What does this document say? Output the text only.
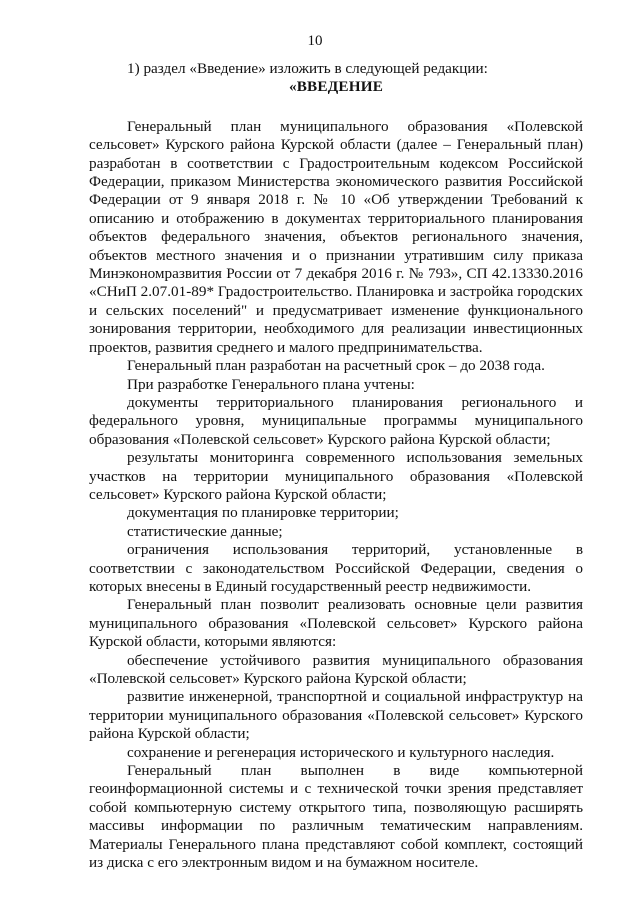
10

1) раздел «Введение» изложить в следующей редакции:

«ВВЕДЕНИЕ

Генеральный план муниципального образования «Полевской сельсовет» Курского района Курской области (далее – Генеральный план) разработан в соответствии с Градостроительным кодексом Российской Федерации, приказом Министерства экономического развития Российской Федерации от 9 января 2018 г. № 10 «Об утверждении Требований к описанию и отображению в документах территориального планирования объектов федерального значения, объектов регионального значения, объектов местного значения и о признании утратившим силу приказа Минэкономразвития России от 7 декабря 2016 г. № 793», СП 42.13330.2016 «СНиП 2.07.01-89* Градостроительство. Планировка и застройка городских и сельских поселений" и предусматривает изменение функционального зонирования территории, необходимого для реализации инвестиционных проектов, развития среднего и малого предпринимательства.

Генеральный план разработан на расчетный срок – до 2038 года.

При разработке Генерального плана учтены:

документы территориального планирования регионального и федерального уровня, муниципальные программы муниципального образования «Полевской сельсовет» Курского района Курской области;

результаты мониторинга современного использования земельных участков на территории муниципального образования «Полевской сельсовет» Курского района Курской области;

документация по планировке территории;

статистические данные;

ограничения использования территорий, установленные в соответствии с законодательством Российской Федерации, сведения о которых внесены в Единый государственный реестр недвижимости.

Генеральный план позволит реализовать основные цели развития муниципального образования «Полевской сельсовет» Курского района Курской области, которыми являются:

обеспечение устойчивого развития муниципального образования «Полевской сельсовет» Курского района Курской области;

развитие инженерной, транспортной и социальной инфраструктур на территории муниципального образования «Полевской сельсовет» Курского района Курской области;

сохранение и регенерация исторического и культурного наследия.

Генеральный план выполнен в виде компьютерной геоинформационной системы и с технической точки зрения представляет собой компьютерную систему открытого типа, позволяющую расширять массивы информации по различным тематическим направлениям. Материалы Генерального плана представляют собой комплект, состоящий из диска с его электронным видом и на бумажном носителе.
